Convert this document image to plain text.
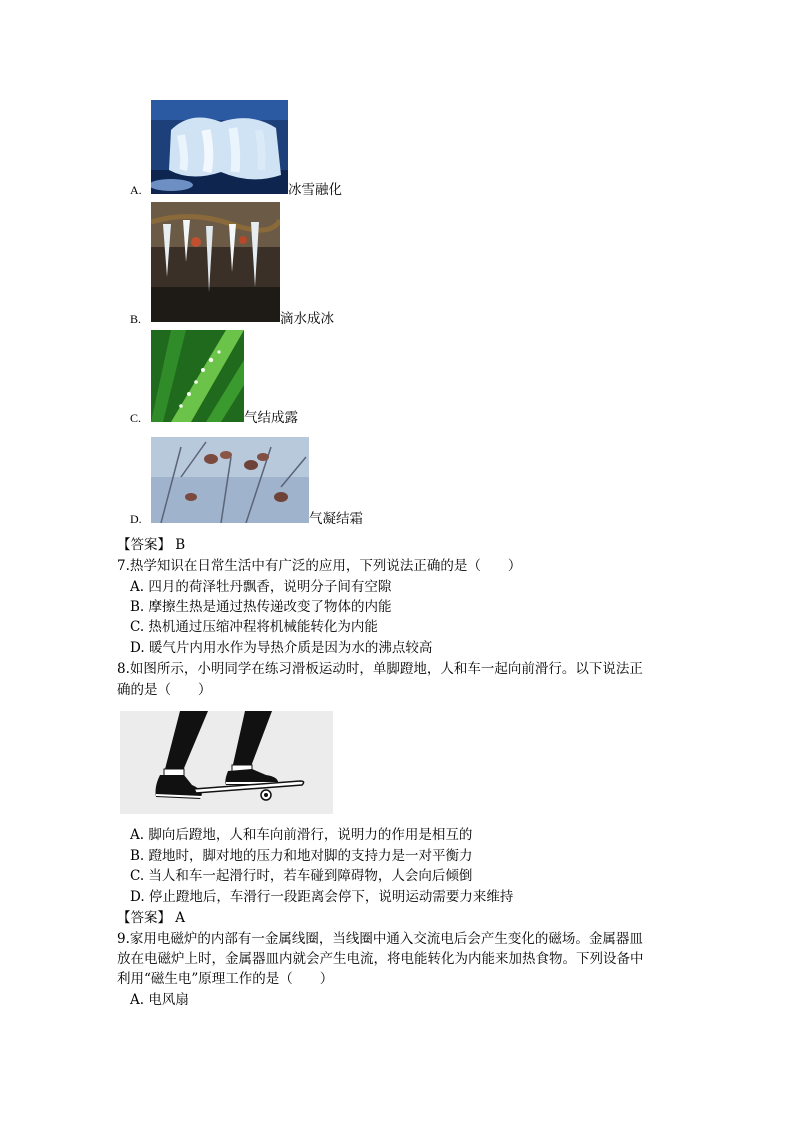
A.	冰雪融化
B.	滴水成冰
C.	气结成露
D.	气凝结霜
【答案】 B
7.热学知识在日常生活中有广泛的应用，下列说法正确的是（　　）
A. 四月的荷泽牡丹飘香，说明分子间有空隙
B. 摩擦生热是通过热传递改变了物体的内能
C. 热机通过压缩冲程将机械能转化为内能
D. 暖气片内用水作为导热介质是因为水的沸点较高
8.如图所示，小明同学在练习滑板运动时，单脚蹬地，人和车一起向前滑行。以下说法正
确的是（　　）
A. 脚向后蹬地，人和车向前滑行，说明力的作用是相互的
B. 蹬地时，脚对地的压力和地对脚的支持力是一对平衡力
C. 当人和车一起滑行时，若车碰到障碍物，人会向后倾倒
D. 停止蹬地后，车滑行一段距离会停下，说明运动需要力来维持
【答案】 A
9.家用电磁炉的内部有一金属线圈，当线圈中通入交流电后会产生变化的磁场。金属器皿
放在电磁炉上时，金属器皿内就会产生电流，将电能转化为内能来加热食物。下列设备中
利用“磁生电”原理工作的是（　　）
A. 电风扇
